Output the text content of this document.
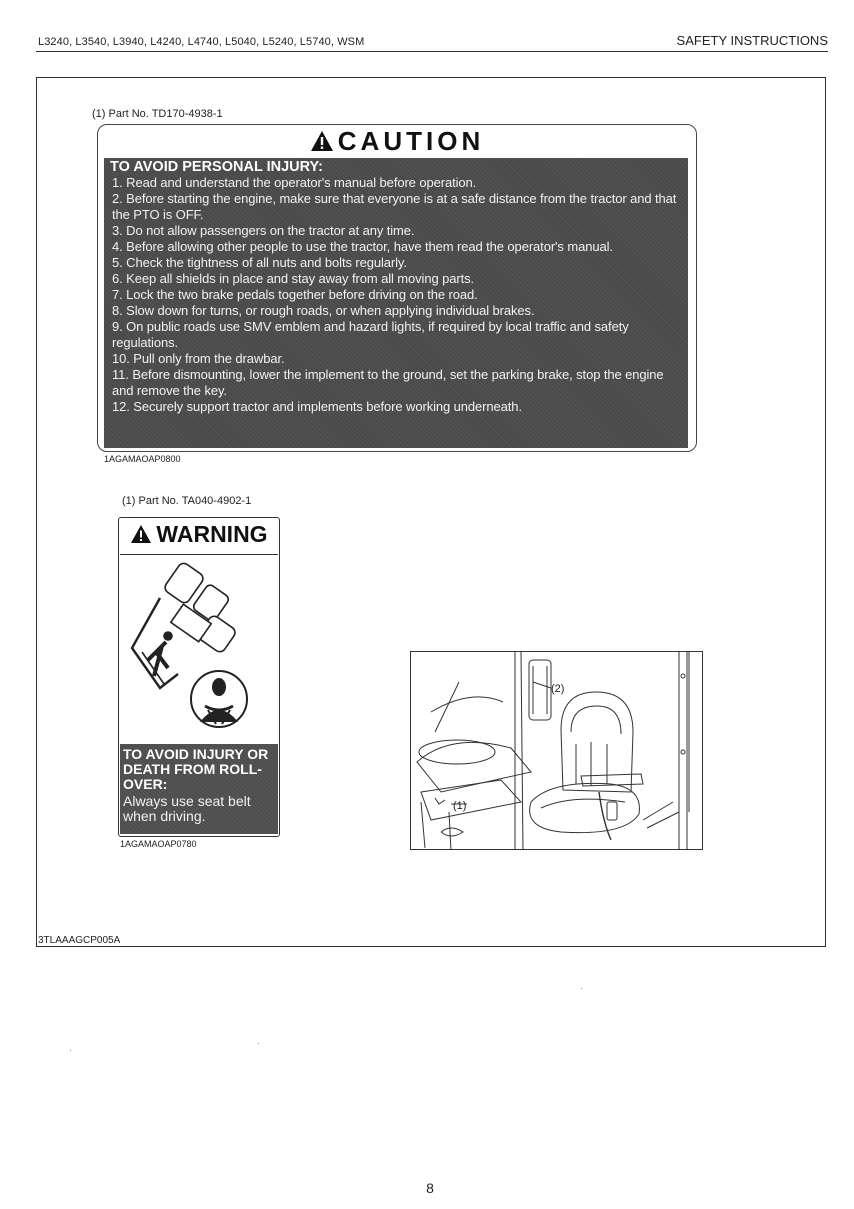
L3240, L3540, L3940, L4240, L4740, L5040, L5240, L5740, WSM	SAFETY INSTRUCTIONS
(1) Part No. TD170-4938-1
CAUTION

TO AVOID PERSONAL INJURY:

1. Read and understand the operator's manual before operation.
2. Before starting the engine, make sure that everyone is at a safe distance from the tractor and that the PTO is OFF.
3. Do not allow passengers on the tractor at any time.
4. Before allowing other people to use the tractor, have them read the operator's manual.
5. Check the tightness of all nuts and bolts regularly.
6. Keep all shields in place and stay away from all moving parts.
7. Lock the two brake pedals together before driving on the road.
8. Slow down for turns, or rough roads, or when applying individual brakes.
9. On public roads use SMV emblem and hazard lights, if required by local traffic and safety regulations.
10. Pull only from the drawbar.
11. Before dismounting, lower the implement to the ground, set the parking brake, stop the engine and remove the key.
12. Securely support tractor and implements before working underneath.
1AGAMAOAP0800
(1) Part No. TA040-4902-1
WARNING

TO AVOID INJURY OR DEATH FROM ROLL-OVER:

Always use seat belt when driving.

1AGAMAOAP0780
(2)
(1)
3TLAAAGCP005A
8
